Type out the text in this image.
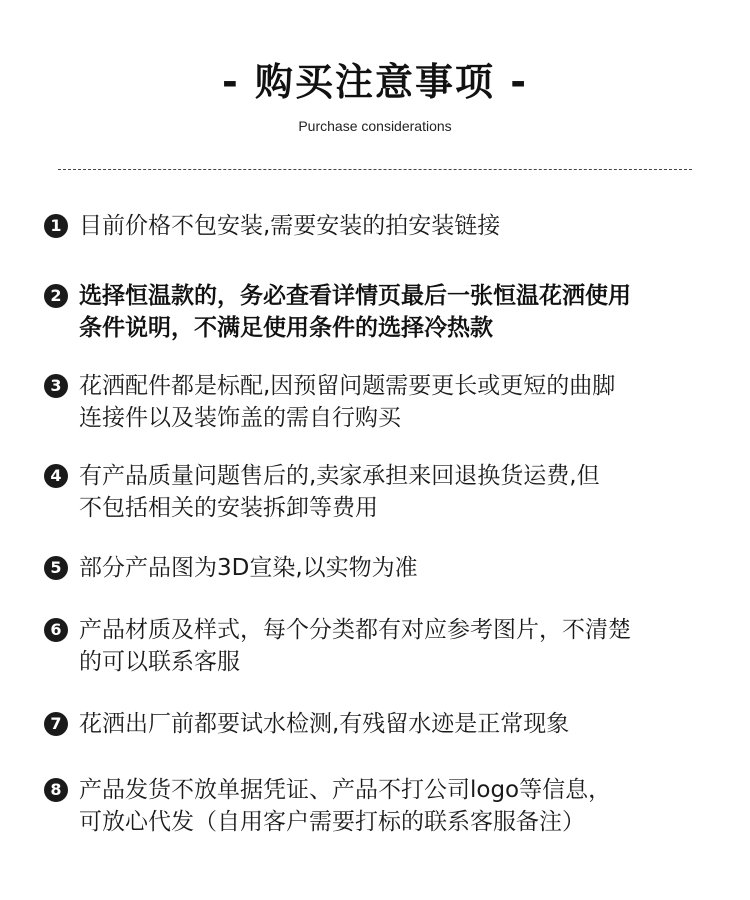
- 购买注意事项 -
Purchase considerations
1 目前价格不包安装,需要安装的拍安装链接
2 选择恒温款的，务必查看详情页最后一张恒温花洒使用
条件说明，不满足使用条件的选择冷热款
3 花洒配件都是标配,因预留问题需要更长或更短的曲脚
连接件以及装饰盖的需自行购买
4 有产品质量问题售后的,卖家承担来回退换货运费,但
不包括相关的安装拆卸等费用
5 部分产品图为3D宣染,以实物为准
6 产品材质及样式，每个分类都有对应参考图片，不清楚
的可以联系客服
7 花洒出厂前都要试水检测,有残留水迹是正常现象
8 产品发货不放单据凭证、产品不打公司logo等信息，
可放心代发（自用客户需要打标的联系客服备注）
